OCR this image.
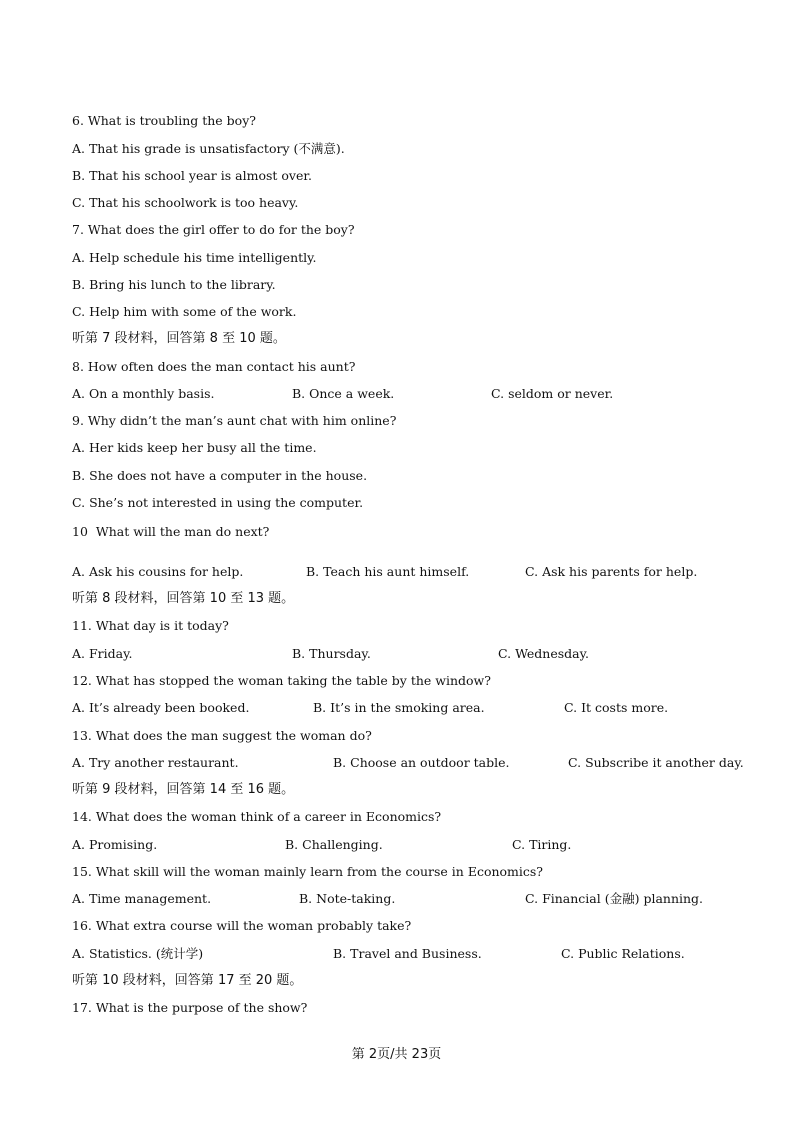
6. What is troubling the boy?
A. That his grade is unsatisfactory (不满意).
B. That his school year is almost over.
C. That his schoolwork is too heavy.
7. What does the girl offer to do for the boy?
A. Help schedule his time intelligently.
B. Bring his lunch to the library.
C. Help him with some of the work.
听第 7 段材料，回答第 8 至 10 题。
8. How often does the man contact his aunt?
A. On a monthly basis.	B. Once a week.	C. seldom or never.
9. Why didn’t the man’s aunt chat with him online?
A. Her kids keep her busy all the time.
B. She does not have a computer in the house.
C. She’s not interested in using the computer.
10  What will the man do next?
A. Ask his cousins for help.	B. Teach his aunt himself.	C. Ask his parents for help.
听第 8 段材料，回答第 10 至 13 题。
11. What day is it today?
A. Friday.	B. Thursday.	C. Wednesday.
12. What has stopped the woman taking the table by the window?
A. It’s already been booked.	B. It’s in the smoking area.	C. It costs more.
13. What does the man suggest the woman do?
A. Try another restaurant.	B. Choose an outdoor table.	C. Subscribe it another day.
听第 9 段材料，回答第 14 至 16 题。
14. What does the woman think of a career in Economics?
A. Promising.	B. Challenging.	C. Tiring.
15. What skill will the woman mainly learn from the course in Economics?
A. Time management.	B. Note-taking.	C. Financial (金融) planning.
16. What extra course will the woman probably take?
A. Statistics. (统计学)	B. Travel and Business.	C. Public Relations.
听第 10 段材料，回答第 17 至 20 题。
17. What is the purpose of the show?
第 2页/共 23页
